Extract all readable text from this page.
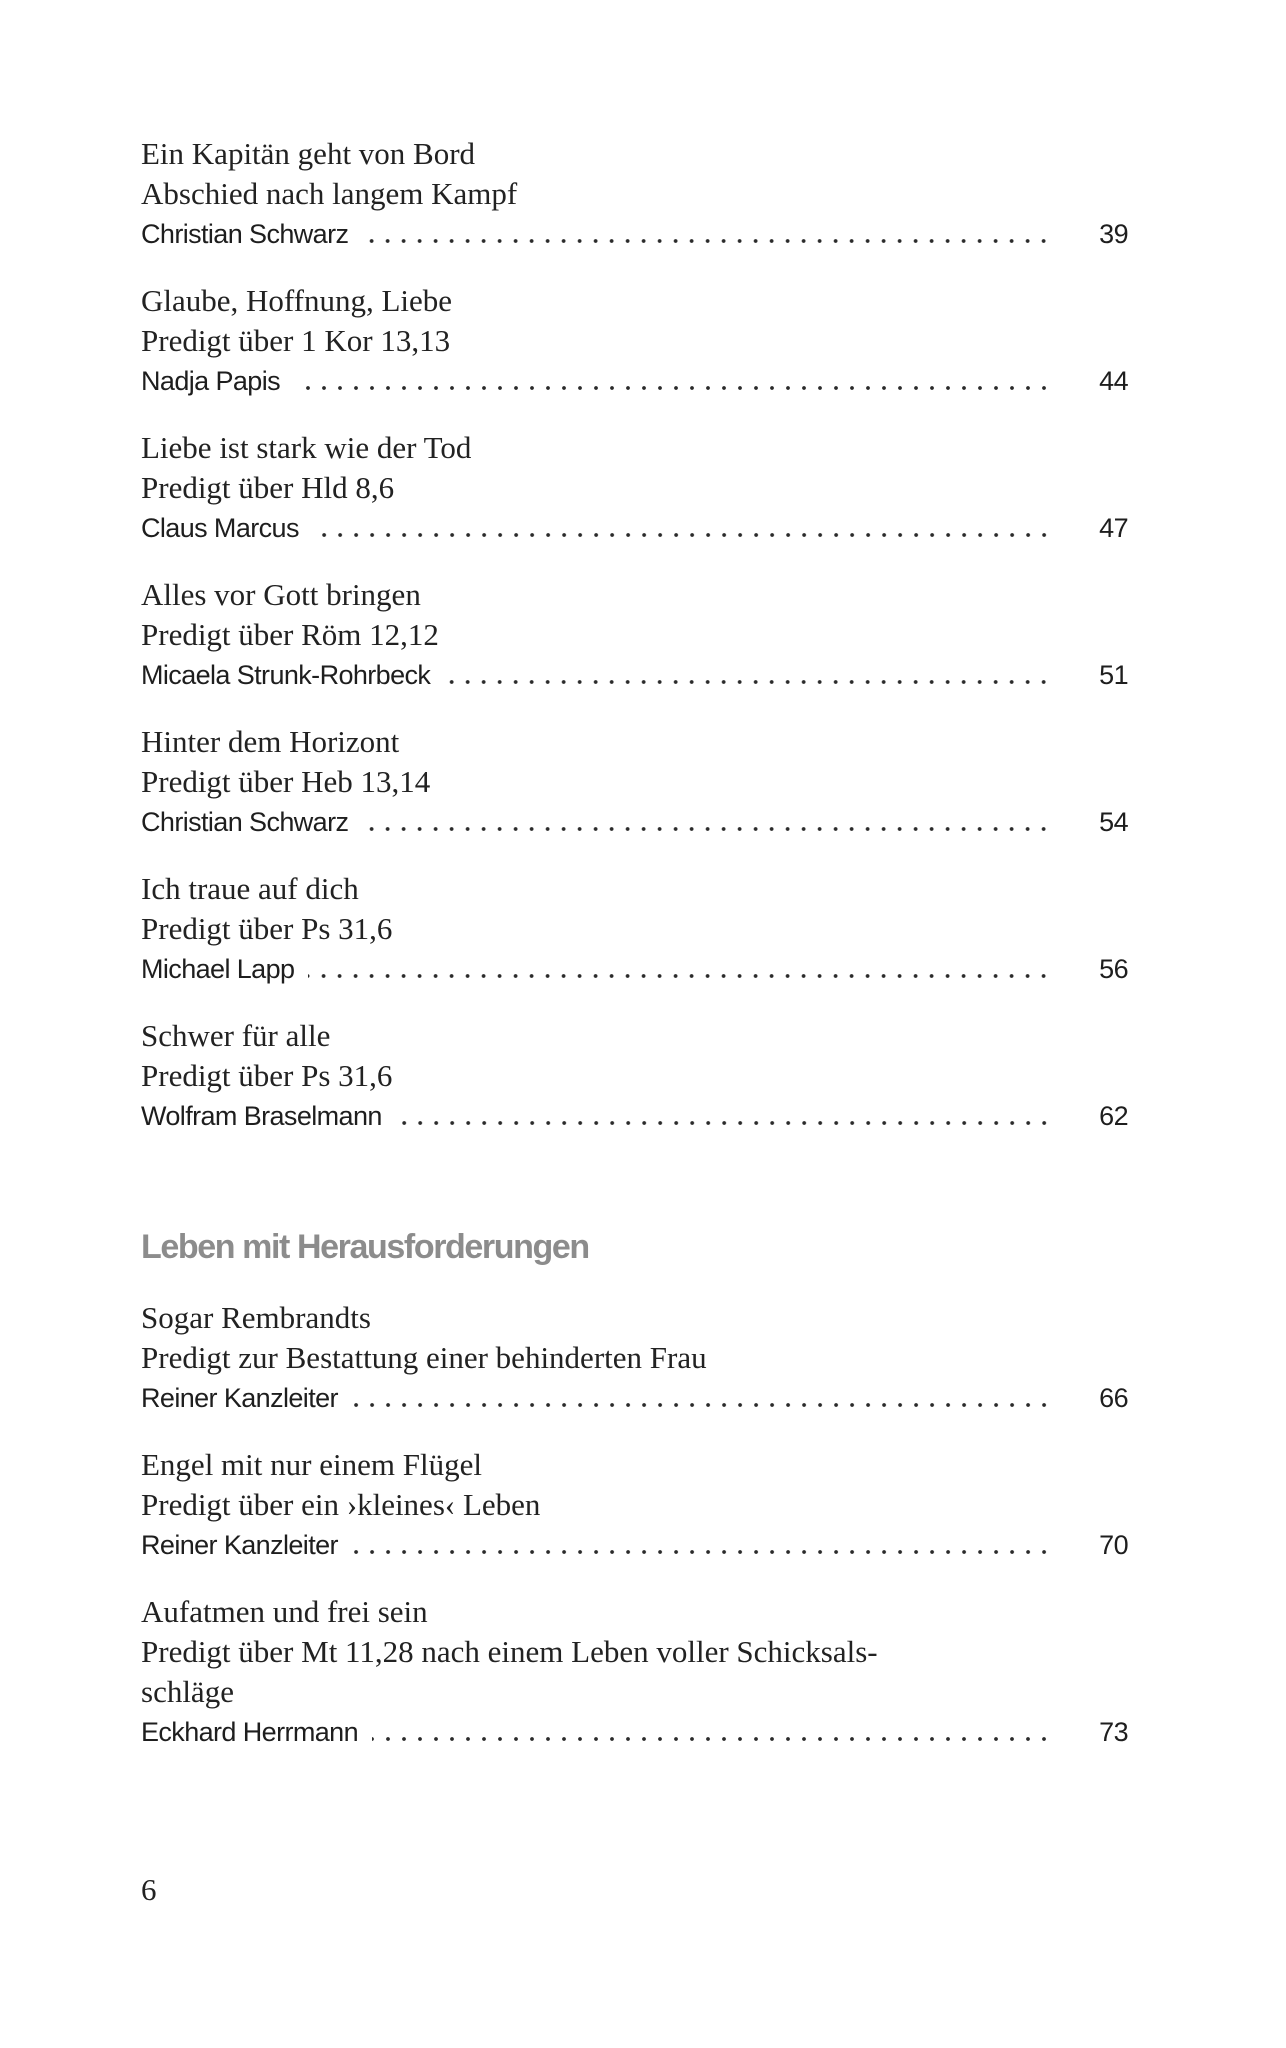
Ein Kapitän geht von Bord
Abschied nach langem Kampf
Christian Schwarz	39
Glaube, Hoffnung, Liebe
Predigt über 1 Kor 13,13
Nadja Papis	44
Liebe ist stark wie der Tod
Predigt über Hld 8,6
Claus Marcus	47
Alles vor Gott bringen
Predigt über Röm 12,12
Micaela Strunk-Rohrbeck	51
Hinter dem Horizont
Predigt über Heb 13,14
Christian Schwarz	54
Ich traue auf dich
Predigt über Ps 31,6
Michael Lapp	56
Schwer für alle
Predigt über Ps 31,6
Wolfram Braselmann	62
Leben mit Herausforderungen
Sogar Rembrandts
Predigt zur Bestattung einer behinderten Frau
Reiner Kanzleiter	66
Engel mit nur einem Flügel
Predigt über ein ›kleines‹ Leben
Reiner Kanzleiter	70
Aufatmen und frei sein
Predigt über Mt 11,28 nach einem Leben voller Schicksals-
schläge
Eckhard Herrmann	73
6
